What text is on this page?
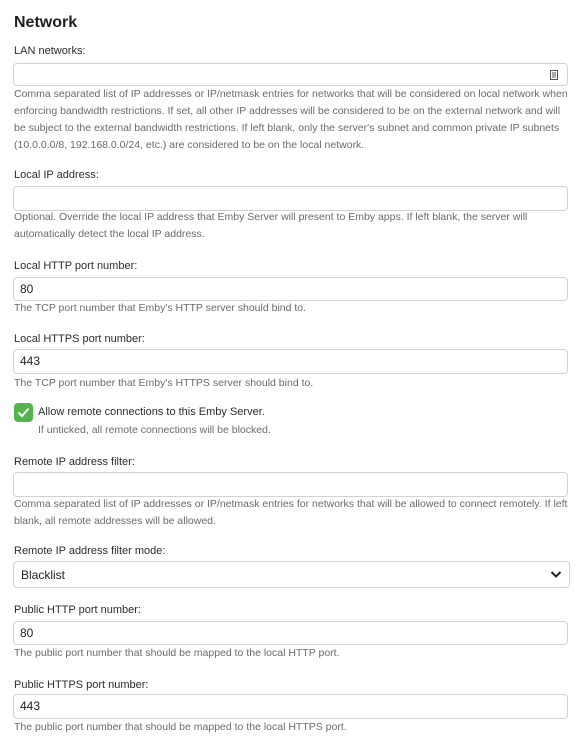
Network
LAN networks:
Comma separated list of IP addresses or IP/netmask entries for networks that will be considered on local network when enforcing bandwidth restrictions. If set, all other IP addresses will be considered to be on the external network and will be subject to the external bandwidth restrictions. If left blank, only the server's subnet and common private IP subnets (10.0.0.0/8, 192.168.0.0/24, etc.) are considered to be on the local network.
Local IP address:
Optional. Override the local IP address that Emby Server will present to Emby apps. If left blank, the server will automatically detect the local IP address.
Local HTTP port number:
80
The TCP port number that Emby's HTTP server should bind to.
Local HTTPS port number:
443
The TCP port number that Emby's HTTPS server should bind to.
Allow remote connections to this Emby Server.
If unticked, all remote connections will be blocked.
Remote IP address filter:
Comma separated list of IP addresses or IP/netmask entries for networks that will be allowed to connect remotely. If left blank, all remote addresses will be allowed.
Remote IP address filter mode:
Blacklist
Public HTTP port number:
80
The public port number that should be mapped to the local HTTP port.
Public HTTPS port number:
443
The public port number that should be mapped to the local HTTPS port.
